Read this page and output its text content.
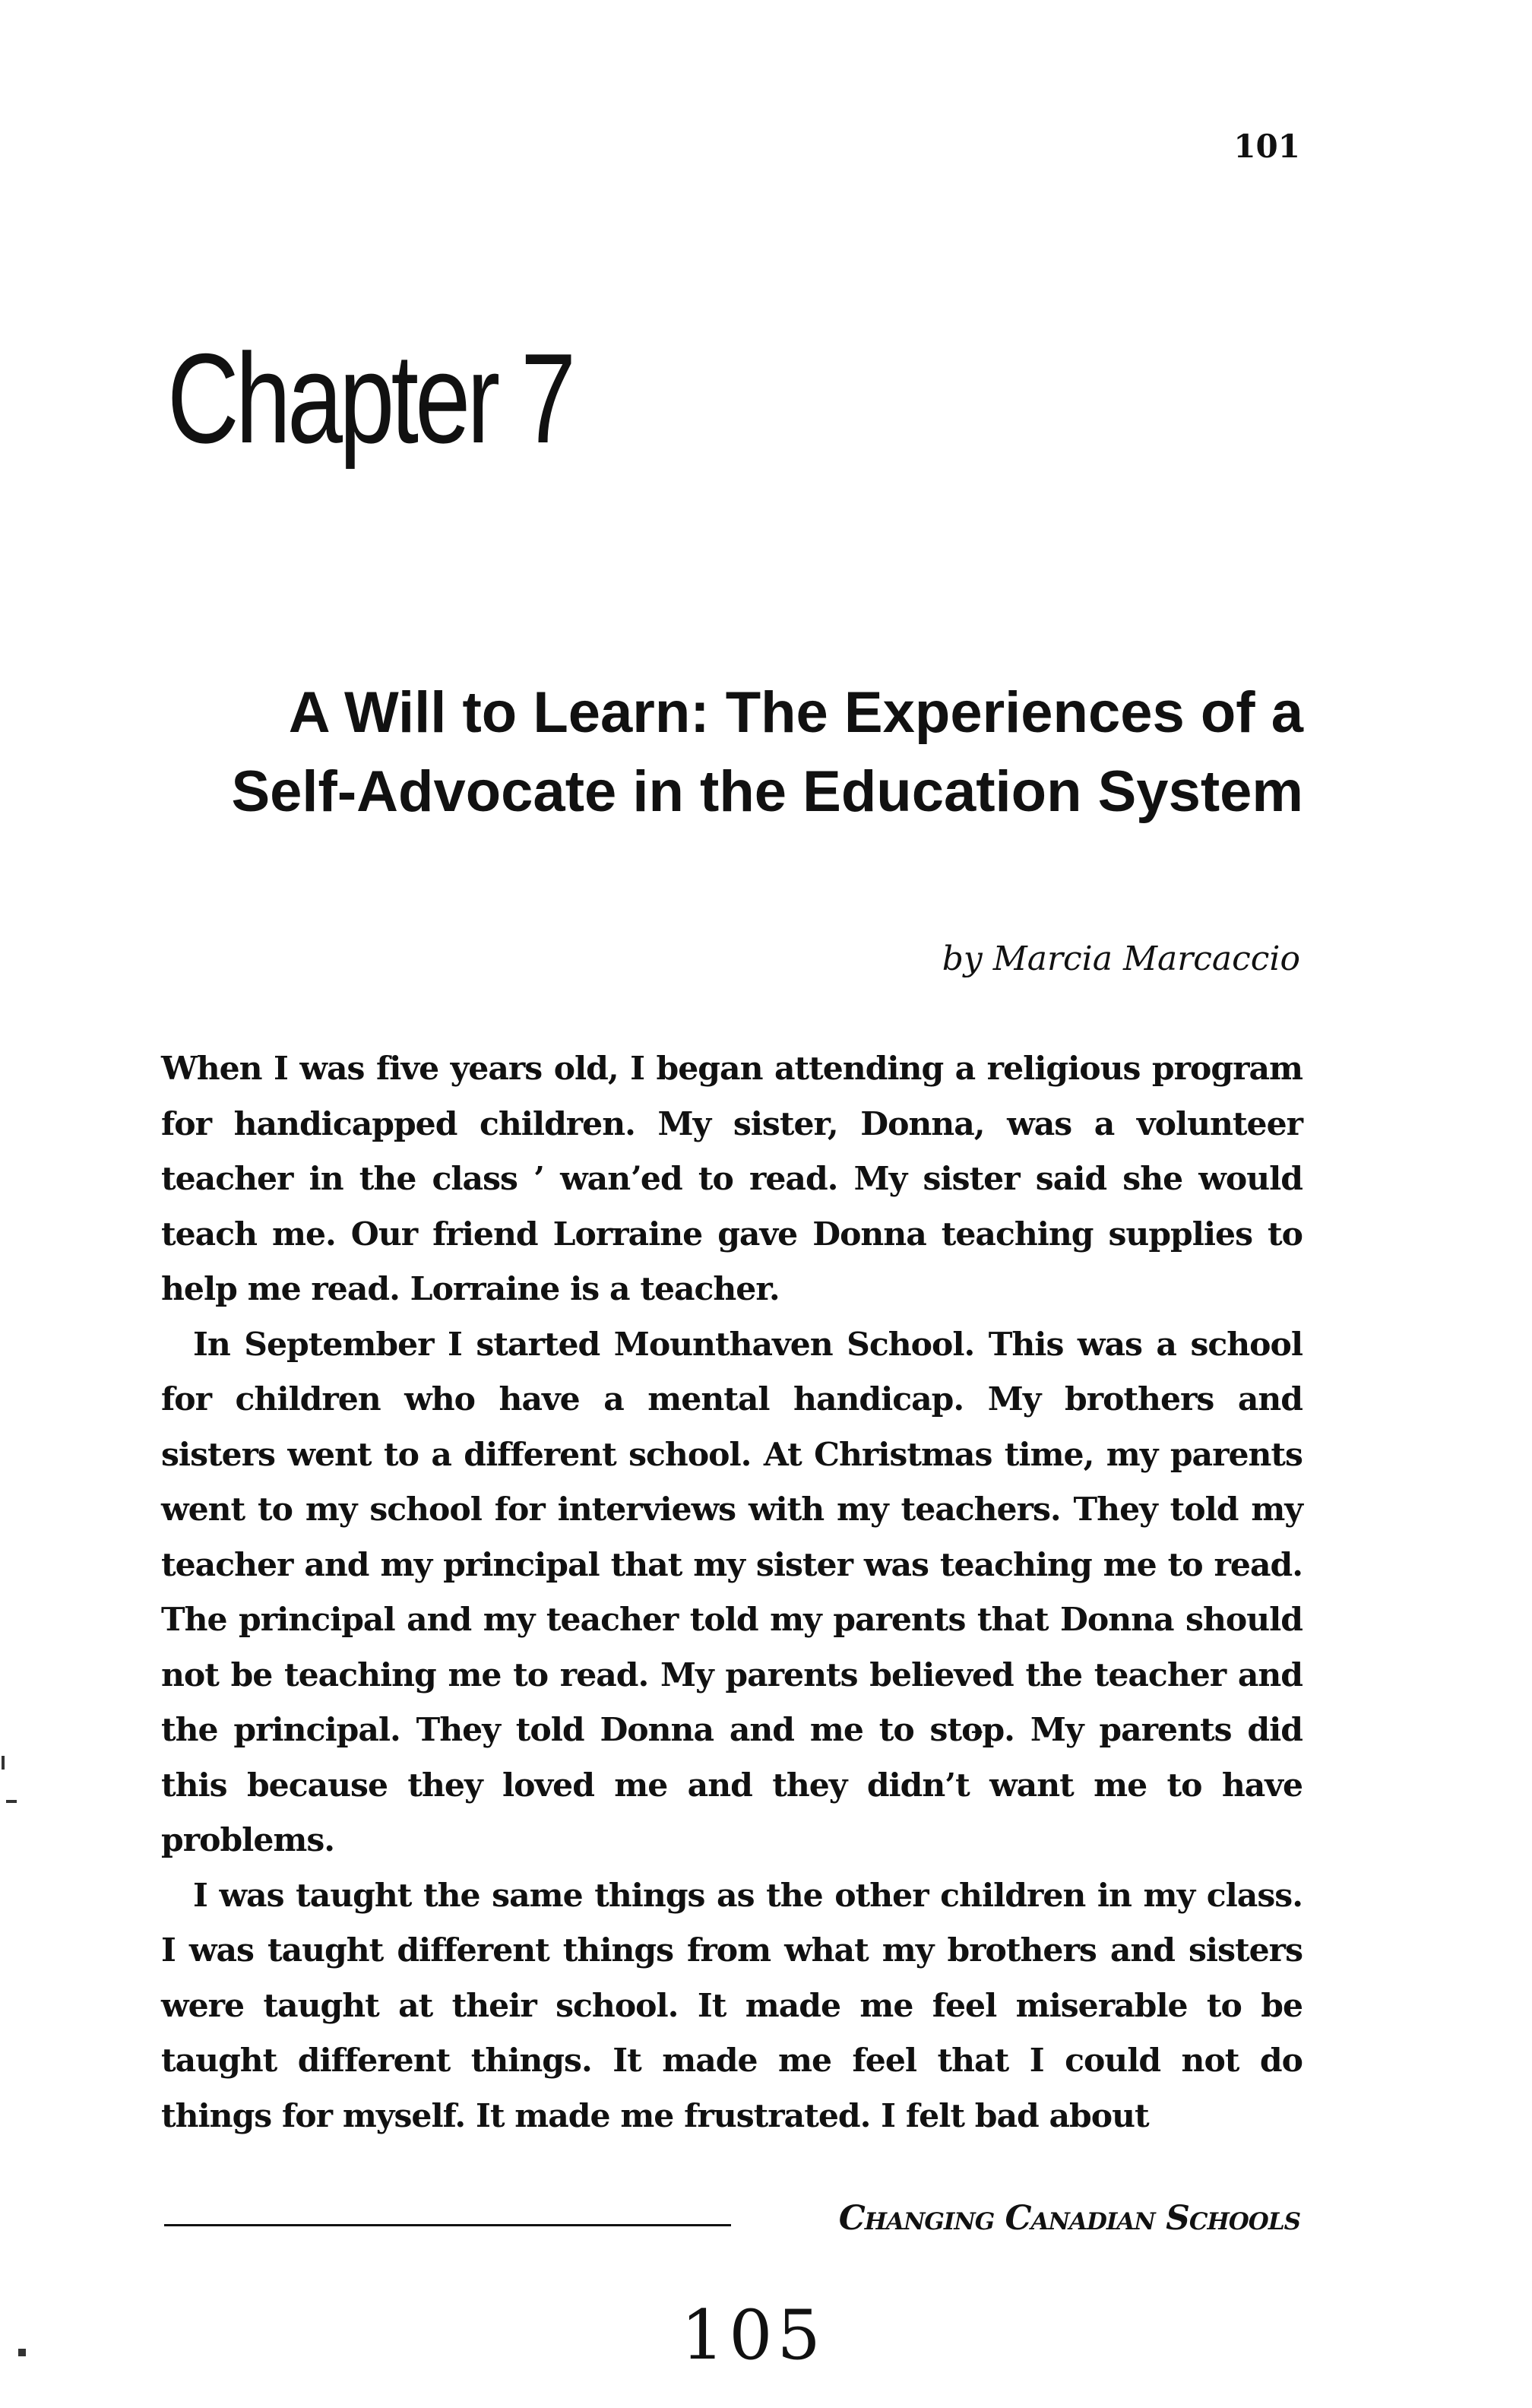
101
Chapter 7
A Will to Learn: The Experiences of a
Self-Advocate in the Education System
by Marcia Marcaccio

When I was five years old, I began attending a religious program for handicapped children. My sister, Donna, was a volunteer teacher in the class ’ wanʼed to read. My sister said she would teach me. Our friend Lorraine gave Donna teaching supplies to help me read. Lorraine is a teacher.

In September I started Mounthaven School. This was a school for children who have a mental handicap. My brothers and sisters went to a different school. At Christmas time, my parents went to my school for interviews with my teachers. They told my teacher and my principal that my sister was teaching me to read. The principal and my teacher told my parents that Donna should not be teaching me to read. My parents believed the teacher and the principal. They told Donna and me to sto̵p. My parents did this because they loved me and they didn’t want me to have problems.

I was taught the same things as the other children in my class. I was taught different things from what my brothers and sisters were taught at their school. It made me feel miserable to be taught different things. It made me feel that I could not do things for myself. It made me frustrated. I felt bad about

Changing Canadian Schools
105
